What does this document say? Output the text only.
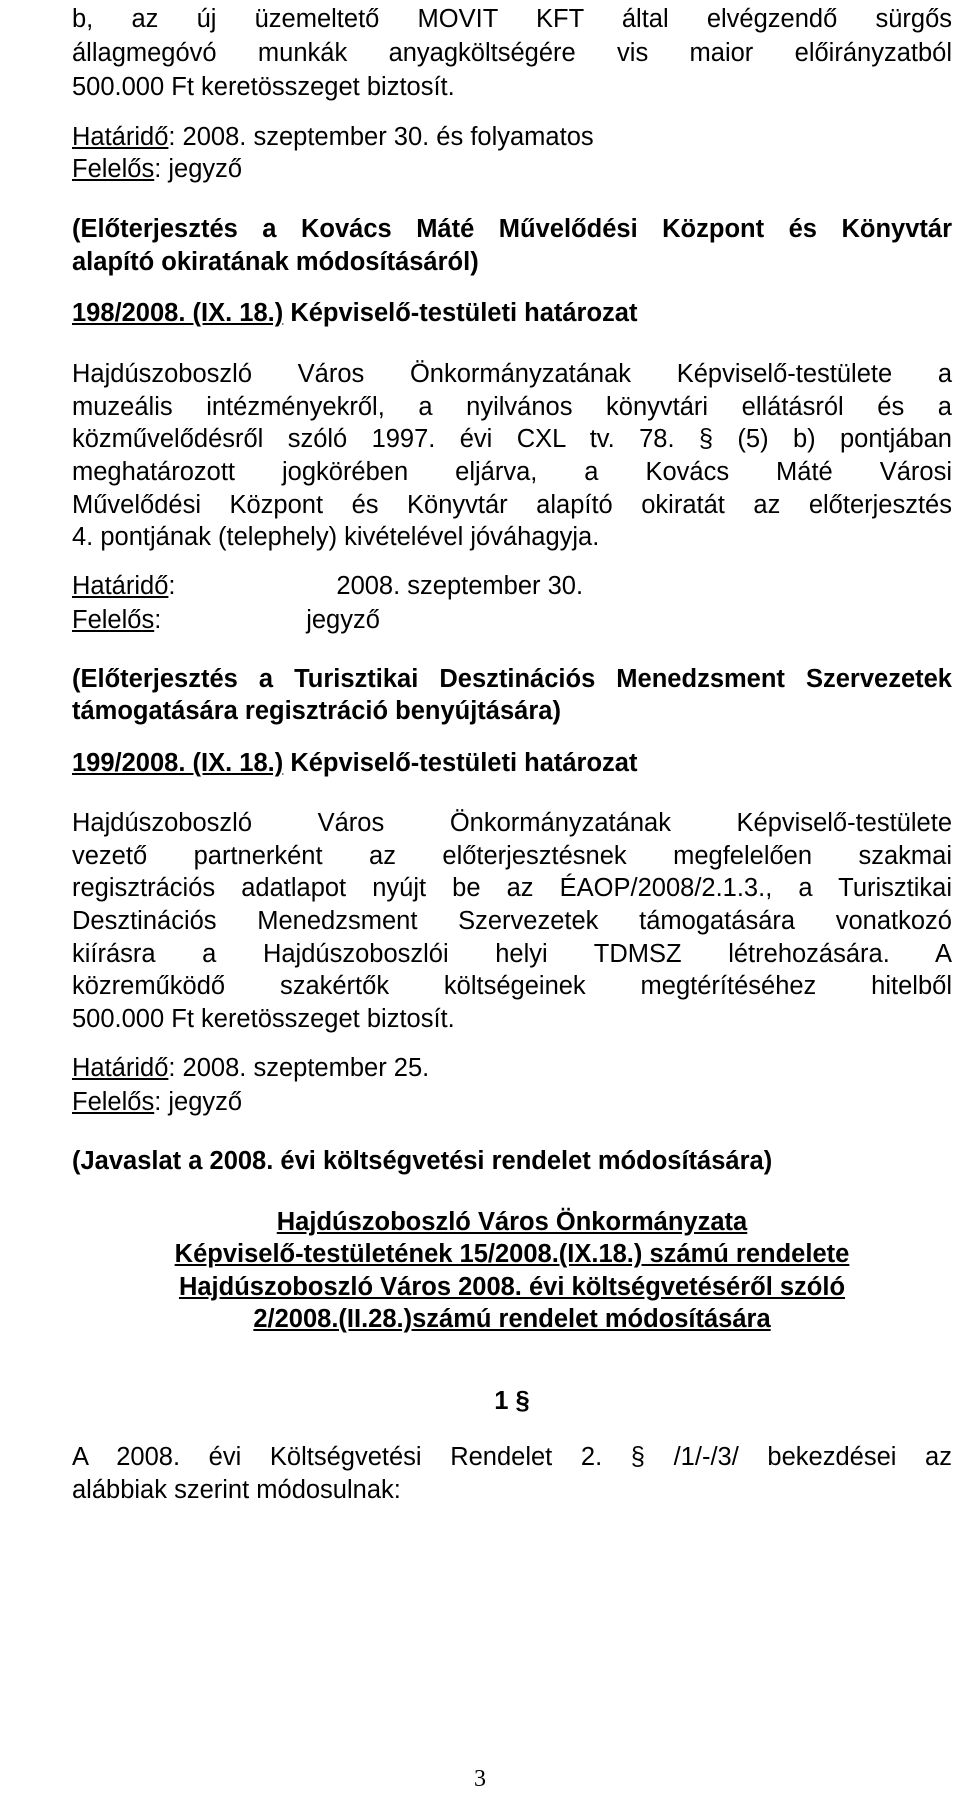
b, az új üzemeltető MOVIT KFT által elvégzendő sürgős
állagmegóvó munkák anyagköltségére vis maior előirányzatból
500.000 Ft keretösszeget biztosít.
Határidő: 2008. szeptember 30. és folyamatos
Felelős: jegyző
(Előterjesztés a Kovács Máté Művelődési Központ és Könyvtár
alapító okiratának módosításáról)
198/2008. (IX. 18.) Képviselő-testületi határozat
Hajdúszoboszló Város Önkormányzatának Képviselő-testülete a
muzeális intézményekről, a nyilvános könyvtári ellátásról és a
közművelődésről szóló 1997. évi CXL tv. 78. § (5) b) pontjában
meghatározott jogkörében eljárva, a Kovács Máté Városi
Művelődési Központ és Könyvtár alapító okiratát az előterjesztés
4. pontjának (telephely) kivételével jóváhagyja.
Határidő:	2008. szeptember 30.
Felelős:	jegyző
(Előterjesztés a Turisztikai Desztinációs Menedzsment Szervezetek
támogatására regisztráció benyújtására)
199/2008. (IX. 18.) Képviselő-testületi határozat
Hajdúszoboszló Város Önkormányzatának Képviselő-testülete
vezető partnerként az előterjesztésnek megfelelően szakmai
regisztrációs adatlapot nyújt be az ÉAOP/2008/2.1.3., a Turisztikai
Desztinációs Menedzsment Szervezetek támogatására vonatkozó
kiírásra a Hajdúszoboszlói helyi TDMSZ létrehozására. A
közreműködő szakértők költségeinek megtérítéséhez hitelből
500.000 Ft keretösszeget biztosít.
Határidő: 2008. szeptember 25.
Felelős: jegyző
(Javaslat a 2008. évi költségvetési rendelet módosítására)
Hajdúszoboszló Város Önkormányzata
Képviselő-testületének 15/2008.(IX.18.) számú rendelete
Hajdúszoboszló Város 2008. évi költségvetéséről szóló
2/2008.(II.28.)számú rendelet módosítására
1 §
A 2008. évi Költségvetési Rendelet 2. § /1/-/3/ bekezdései az
alábbiak szerint módosulnak:
3
